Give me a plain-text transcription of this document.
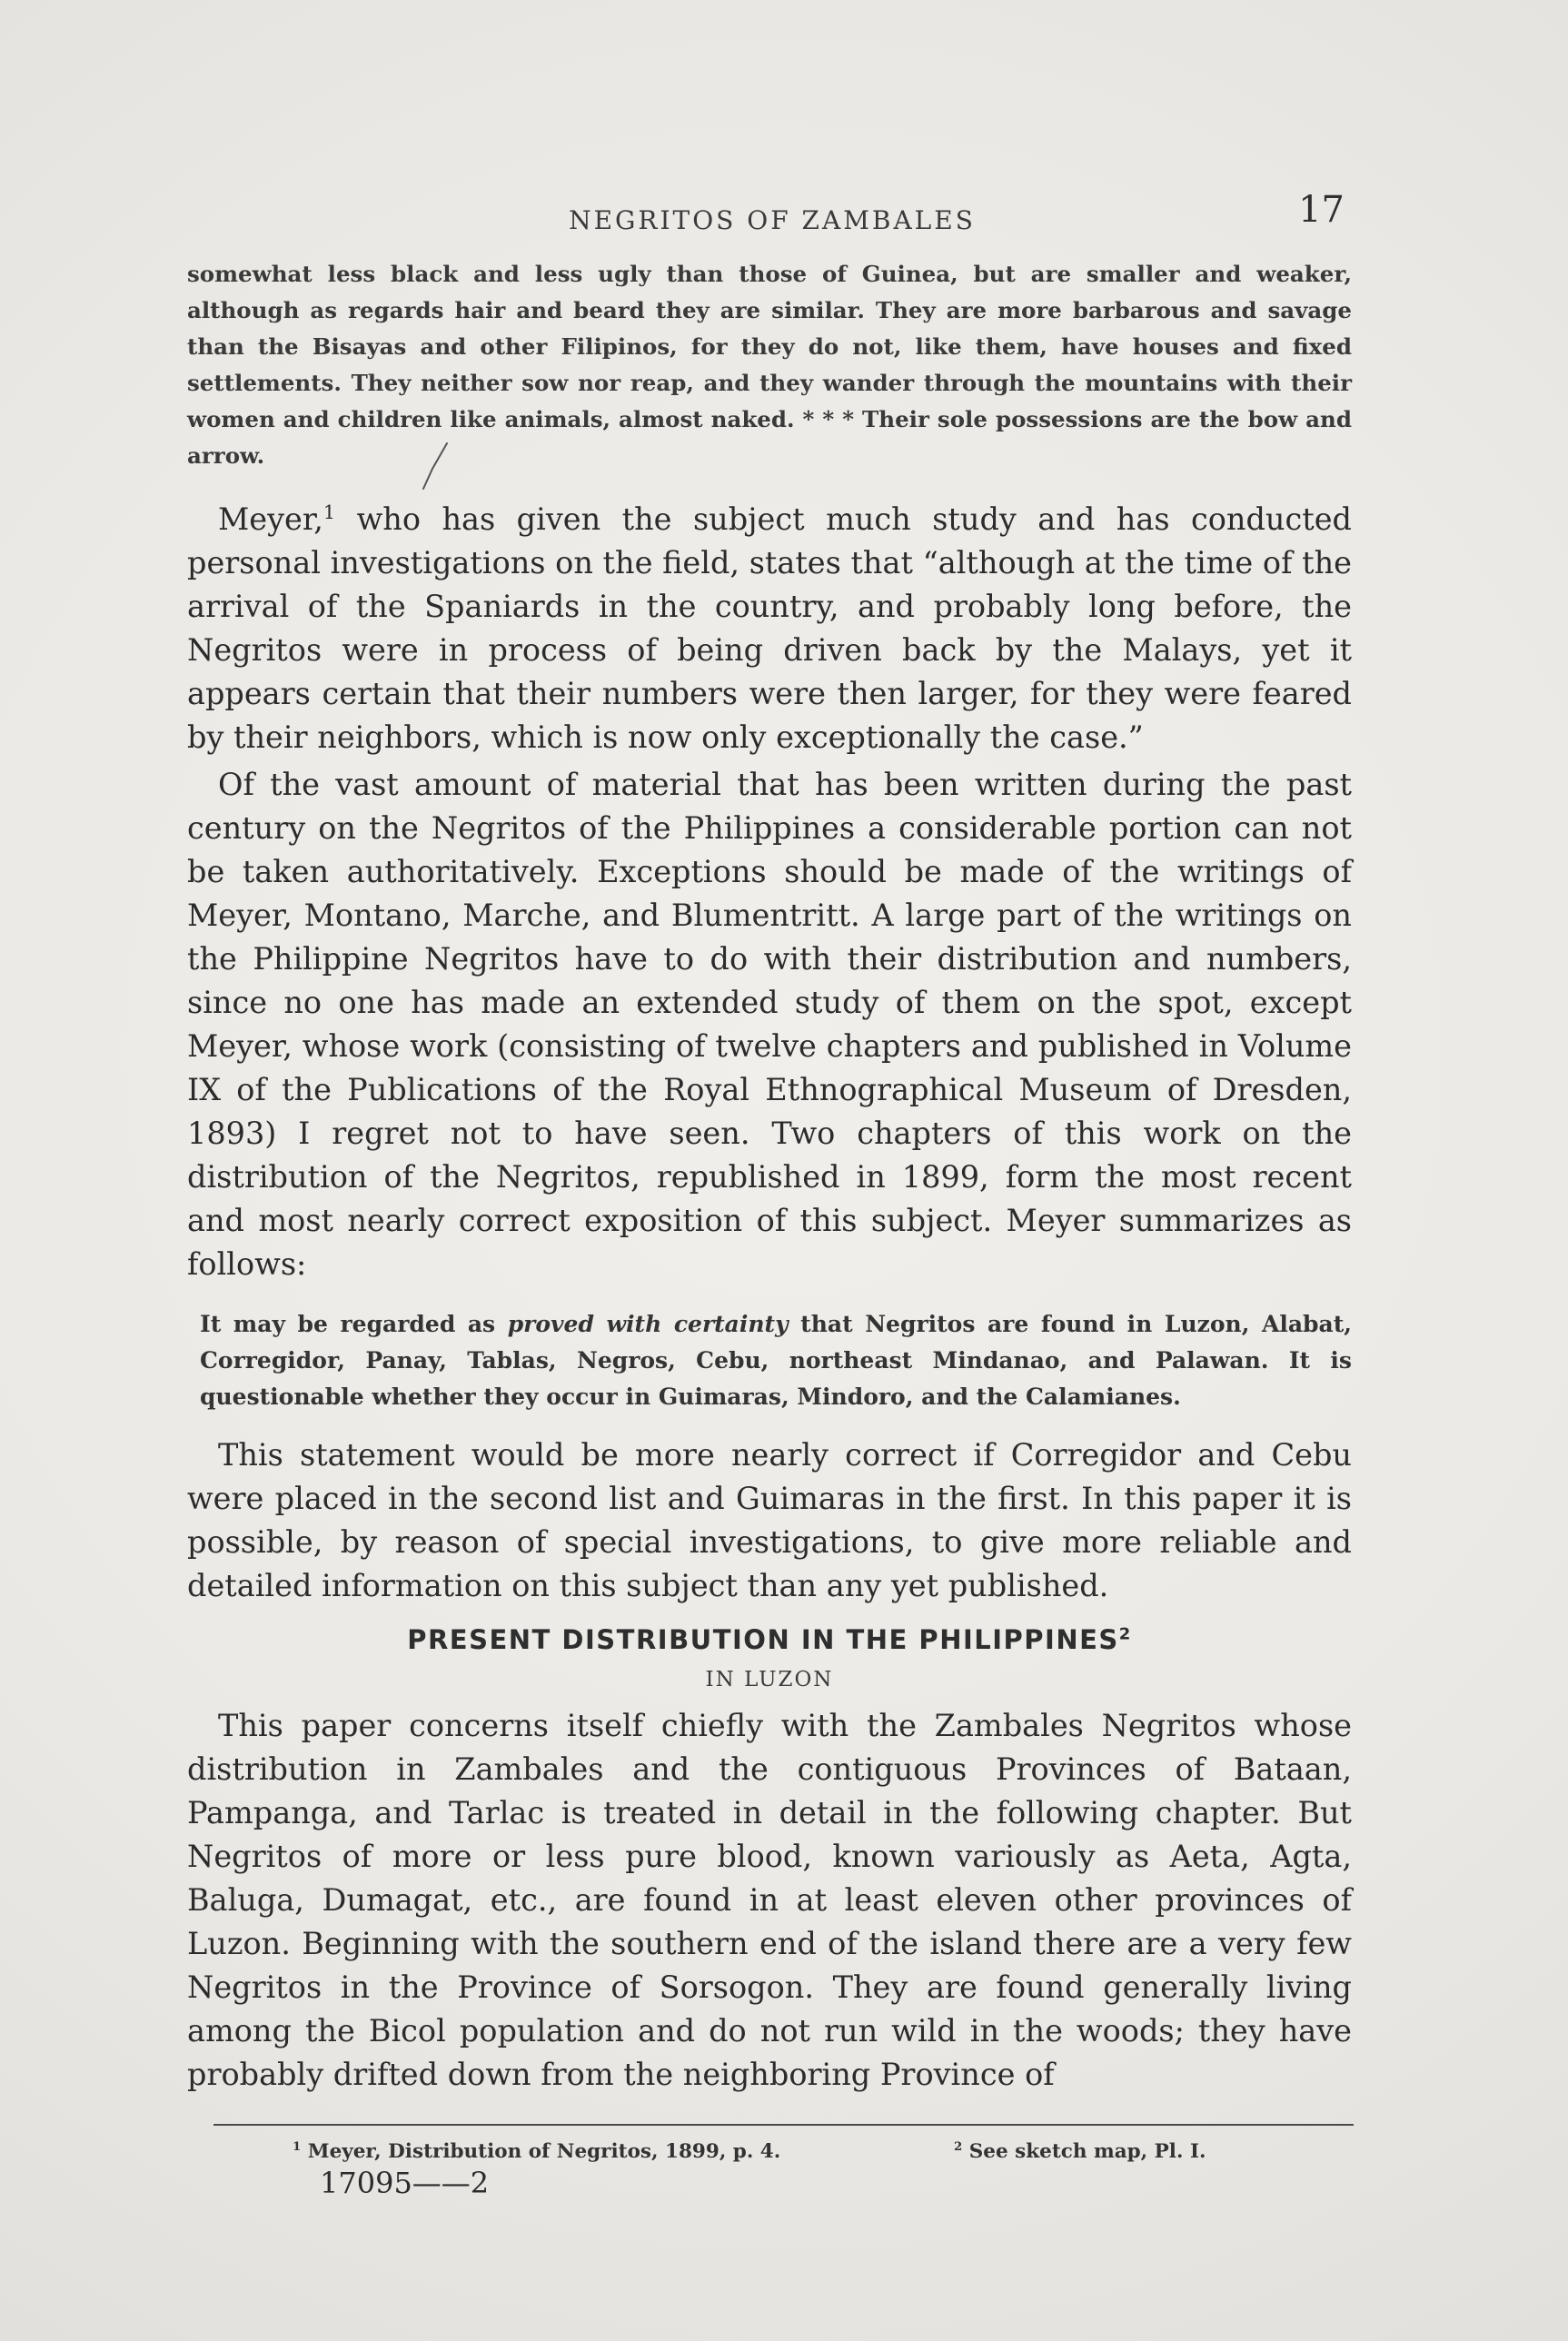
NEGRITOS OF ZAMBALES	17

somewhat less black and less ugly than those of Guinea, but are smaller and weaker, although as regards hair and beard they are similar. They are more barbarous and savage than the Bisayas and other Filipinos, for they do not, like them, have houses and fixed settlements. They neither sow nor reap, and they wander through the mountains with their women and children like animals, almost naked. * * * Their sole possessions are the bow and arrow.

Meyer,$^1$ who has given the subject much study and has conducted personal investigations on the field, states that “although at the time of the arrival of the Spaniards in the country, and probably long before, the Negritos were in process of being driven back by the Malays, yet it appears certain that their numbers were then larger, for they were feared by their neighbors, which is now only exceptionally the case.”

Of the vast amount of material that has been written during the past century on the Negritos of the Philippines a considerable portion can not be taken authoritatively. Exceptions should be made of the writings of Meyer, Montano, Marche, and Blumentritt. A large part of the writings on the Philippine Negritos have to do with their distribution and numbers, since no one has made an extended study of them on the spot, except Meyer, whose work (consisting of twelve chapters and published in Volume IX of the Publications of the Royal Ethnographical Museum of Dresden, 1893) I regret not to have seen. Two chapters of this work on the distribution of the Negritos, republished in 1899, form the most recent and most nearly correct exposition of this subject. Meyer summarizes as follows:

It may be regarded as proved with certainty that Negritos are found in Luzon, Alabat, Corregidor, Panay, Tablas, Negros, Cebu, northeast Mindanao, and Palawan. It is questionable whether they occur in Guimaras, Mindoro, and the Calamianes.

This statement would be more nearly correct if Corregidor and Cebu were placed in the second list and Guimaras in the first. In this paper it is possible, by reason of special investigations, to give more reliable and detailed information on this subject than any yet published.

PRESENT DISTRIBUTION IN THE PHILIPPINES$^2$
IN LUZON

This paper concerns itself chiefly with the Zambales Negritos whose distribution in Zambales and the contiguous Provinces of Bataan, Pampanga, and Tarlac is treated in detail in the following chapter. But Negritos of more or less pure blood, known variously as Aeta, Agta, Baluga, Dumagat, etc., are found in at least eleven other provinces of Luzon. Beginning with the southern end of the island there are a very few Negritos in the Province of Sorsogon. They are found generally living among the Bicol population and do not run wild in the woods; they have probably drifted down from the neighboring Province of

$^1$ Meyer, Distribution of Negritos, 1899, p. 4.	$^2$ See sketch map, Pl. I.
17095——2
